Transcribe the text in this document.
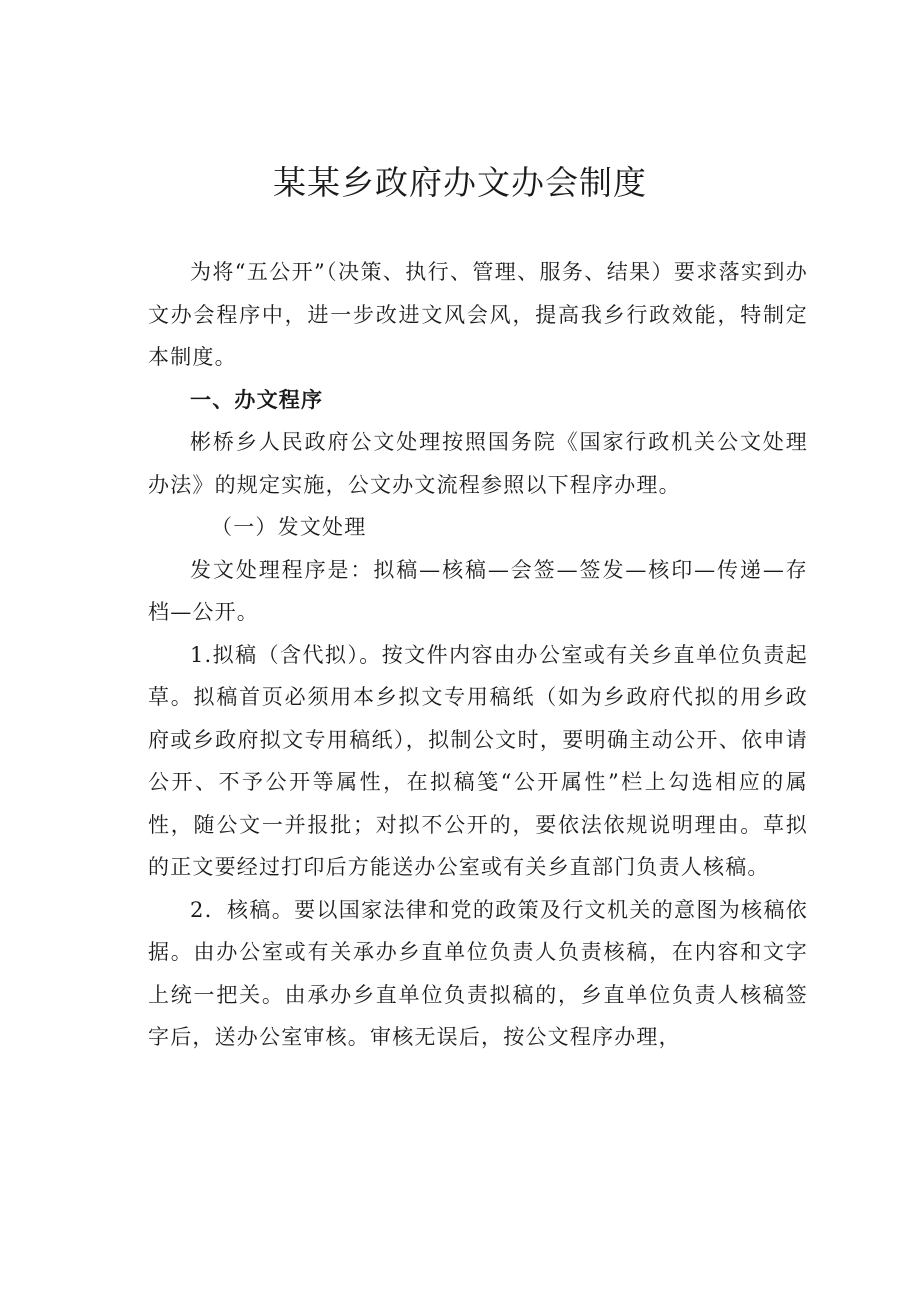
某某乡政府办文办会制度

为将“五公开”（决策、执行、管理、服务、结果）要求落实到办文办会程序中，进一步改进文风会风，提高我乡行政效能，特制定本制度。

一、办文程序

彬桥乡人民政府公文处理按照国务院《国家行政机关公文处理办法》的规定实施，公文办文流程参照以下程序办理。

（一）发文处理

发文处理程序是：拟稿—核稿—会签—签发—核印—传递—存档—公开。

1.拟稿（含代拟）。按文件内容由办公室或有关乡直单位负责起草。拟稿首页必须用本乡拟文专用稿纸（如为乡政府代拟的用乡政府或乡政府拟文专用稿纸），拟制公文时，要明确主动公开、依申请公开、不予公开等属性，在拟稿笺“公开属性”栏上勾选相应的属性，随公文一并报批；对拟不公开的，要依法依规说明理由。草拟的正文要经过打印后方能送办公室或有关乡直部门负责人核稿。

2．核稿。要以国家法律和党的政策及行文机关的意图为核稿依据。由办公室或有关承办乡直单位负责人负责核稿，在内容和文字上统一把关。由承办乡直单位负责拟稿的，乡直单位负责人核稿签字后，送办公室审核。审核无误后，按公文程序办理，
